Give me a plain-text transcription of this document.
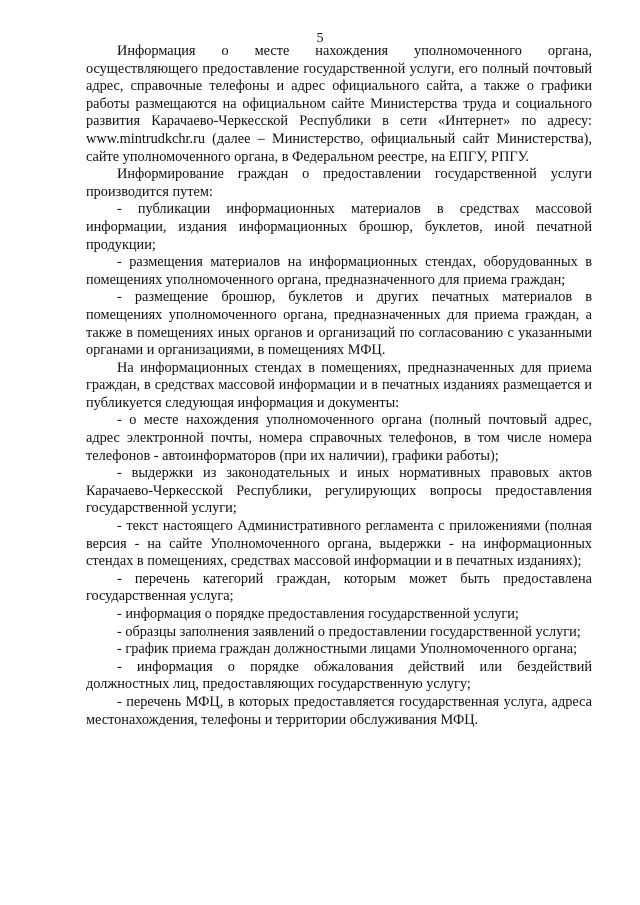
5

Информация о месте нахождения уполномоченного органа, осуществляющего предоставление государственной услуги, его полный почтовый адрес, справочные телефоны и адрес официального сайта, а также о графики работы размещаются на официальном сайте Министерства труда и социального развития Карачаево-Черкесской Республики в сети «Интернет» по адресу: www.mintrudkchr.ru (далее – Министерство, официальный сайт Министерства), сайте уполномоченного органа, в Федеральном реестре, на ЕПГУ, РПГУ.

Информирование граждан о предоставлении государственной услуги производится путем:

- публикации информационных материалов в средствах массовой информации, издания информационных брошюр, буклетов, иной печатной продукции;

- размещения материалов на информационных стендах, оборудованных в помещениях уполномоченного органа, предназначенного для приема граждан;

- размещение брошюр, буклетов и других печатных материалов в помещениях уполномоченного органа, предназначенных для приема граждан, а также в помещениях иных органов и организаций по согласованию с указанными органами и организациями, в помещениях МФЦ.

На информационных стендах в помещениях, предназначенных для приема граждан, в средствах массовой информации и в печатных изданиях размещается и публикуется следующая информация и документы:

- о месте нахождения уполномоченного органа (полный почтовый адрес, адрес электронной почты, номера справочных телефонов, в том числе номера телефонов - автоинформаторов (при их наличии), графики работы);

- выдержки из законодательных и иных нормативных правовых актов Карачаево-Черкесской Республики, регулирующих вопросы предоставления государственной услуги;

- текст настоящего Административного регламента с приложениями (полная версия - на сайте Уполномоченного органа, выдержки - на информационных стендах в помещениях, средствах массовой информации и в печатных изданиях);

- перечень категорий граждан, которым может быть предоставлена государственная услуга;

- информация о порядке предоставления государственной услуги;

- образцы заполнения заявлений о предоставлении государственной услуги;

- график приема граждан должностными лицами Уполномоченного органа;

- информация о порядке обжалования действий или бездействий должностных лиц, предоставляющих государственную услугу;

- перечень МФЦ, в которых предоставляется государственная услуга, адреса местонахождения, телефоны и территории обслуживания МФЦ.
